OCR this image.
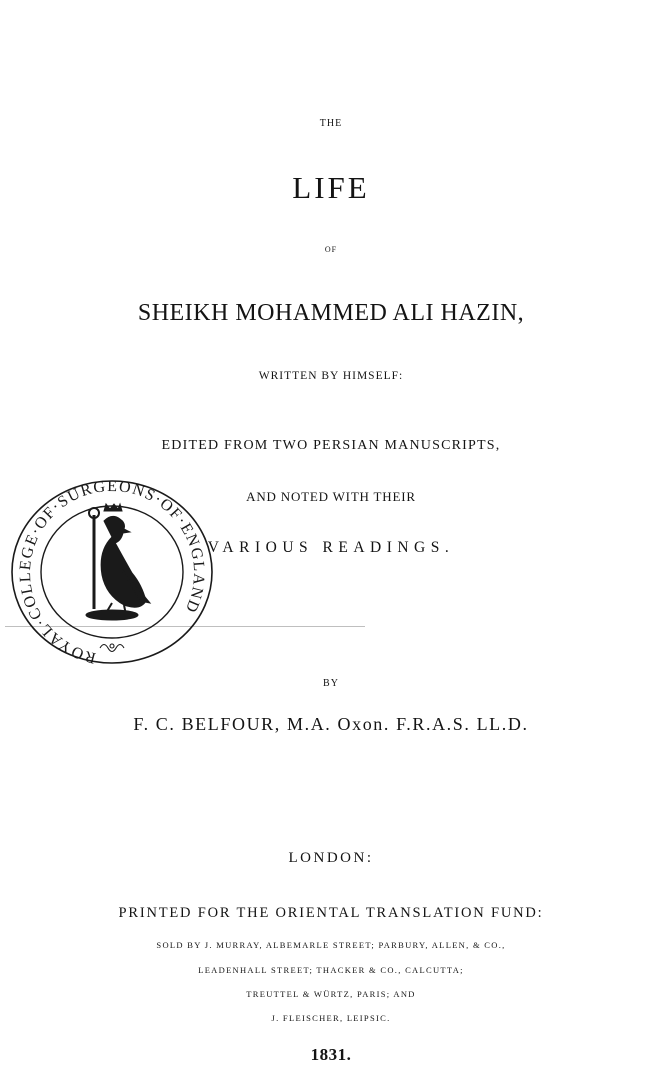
THE
LIFE
OF
SHEIKH MOHAMMED ALI HAZIN,
WRITTEN BY HIMSELF:
EDITED FROM TWO PERSIAN MANUSCRIPTS,
AND NOTED WITH THEIR
VARIOUS READINGS.
BY
F. C. BELFOUR, M.A. Oxon. F.R.A.S. LL.D.
LONDON:
PRINTED FOR THE ORIENTAL TRANSLATION FUND:
SOLD BY J. MURRAY, ALBEMARLE STREET; PARBURY, ALLEN, & CO.,
LEADENHALL STREET; THACKER & CO., CALCUTTA;
TREUTTEL & WÜRTZ, PARIS; AND
J. FLEISCHER, LEIPSIC.
1831.
ROYAL·COLLEGE·OF·SURGEONS·OF·ENGLAND
